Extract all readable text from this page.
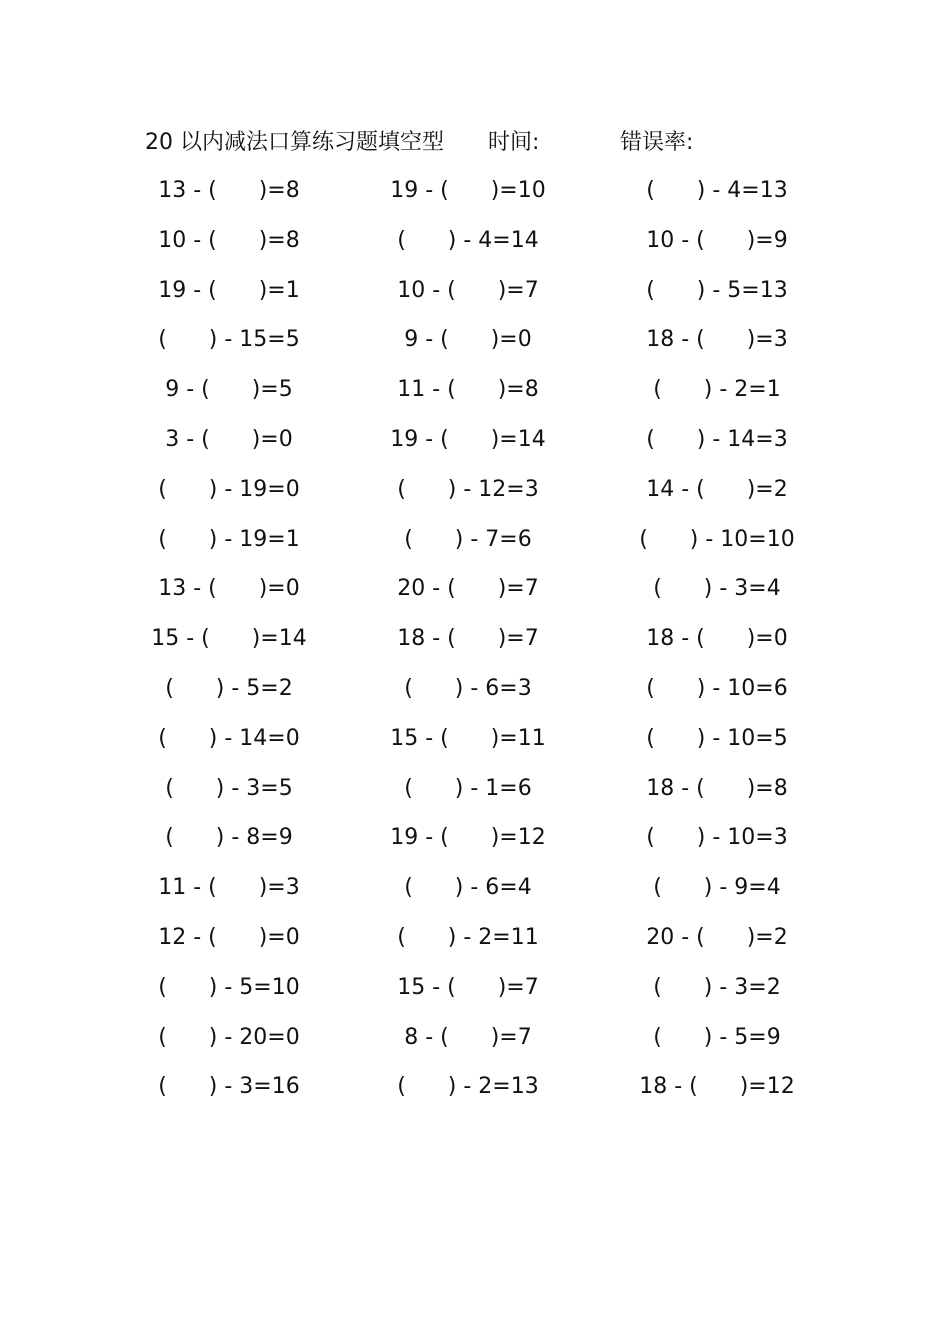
20 以内减法口算练习题填空型 时间:	错误率:
13 - (      )=8	19 - (      )=10	(      ) - 4=13
10 - (      )=8	(      ) - 4=14	10 - (      )=9
19 - (      )=1	10 - (      )=7	(      ) - 5=13
(      ) - 15=5	9 - (      )=0	18 - (      )=3
9 - (      )=5	11 - (      )=8	(      ) - 2=1
3 - (      )=0	19 - (      )=14	(      ) - 14=3
(      ) - 19=0	(      ) - 12=3	14 - (      )=2
(      ) - 19=1	(      ) - 7=6	(      ) - 10=10
13 - (      )=0	20 - (      )=7	(      ) - 3=4
15 - (      )=14	18 - (      )=7	18 - (      )=0
(      ) - 5=2	(      ) - 6=3	(      ) - 10=6
(      ) - 14=0	15 - (      )=11	(      ) - 10=5
(      ) - 3=5	(      ) - 1=6	18 - (      )=8
(      ) - 8=9	19 - (      )=12	(      ) - 10=3
11 - (      )=3	(      ) - 6=4	(      ) - 9=4
12 - (      )=0	(      ) - 2=11	20 - (      )=2
(      ) - 5=10	15 - (      )=7	(      ) - 3=2
(      ) - 20=0	8 - (      )=7	(      ) - 5=9
(      ) - 3=16	(      ) - 2=13	18 - (      )=12
